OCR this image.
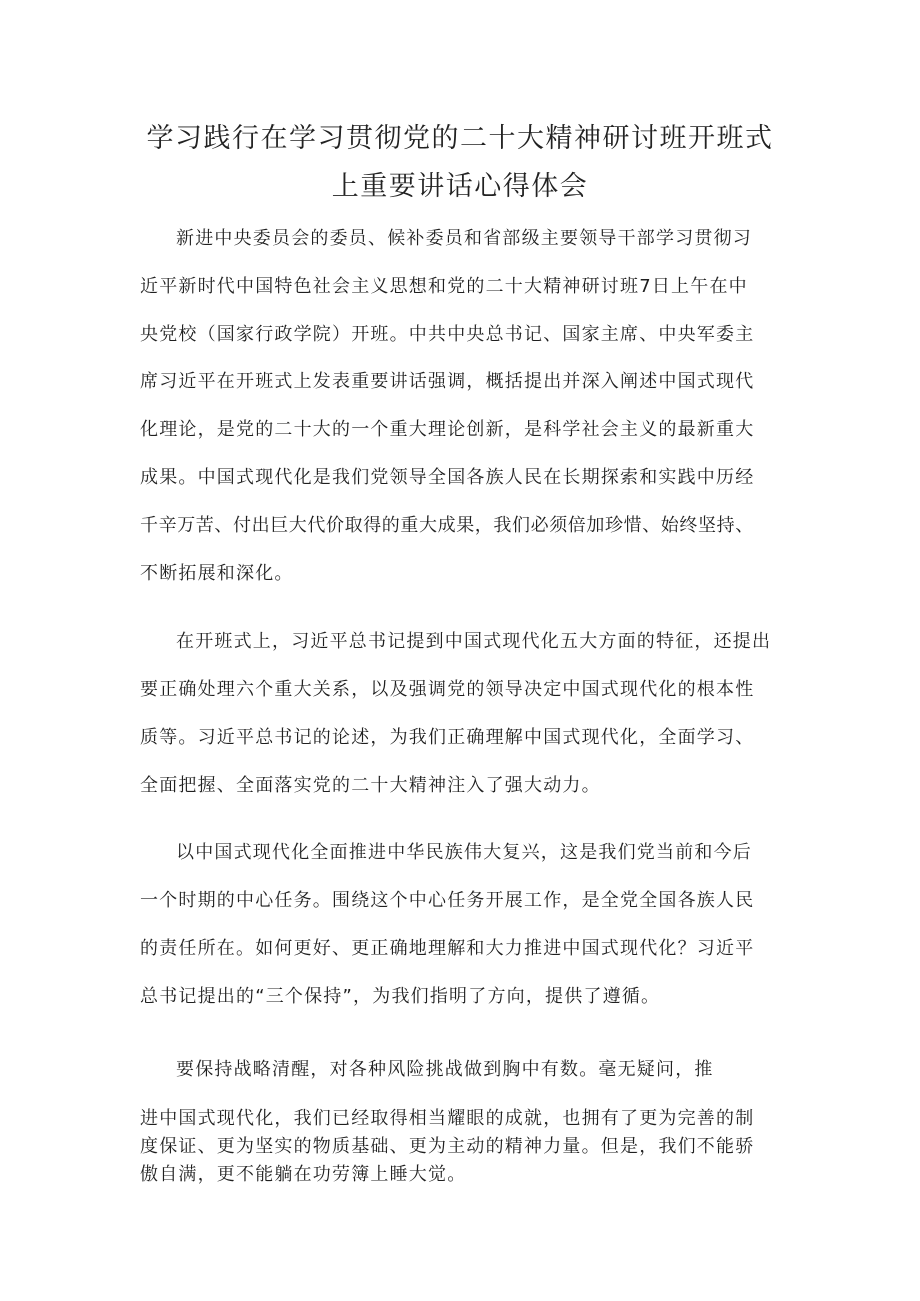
学习践行在学习贯彻党的二十大精神研讨班开班式
上重要讲话心得体会
新进中央委员会的委员、候补委员和省部级主要领导干部学习贯彻习
近平新时代中国特色社会主义思想和党的二十大精神研讨班7日上午在中
央党校（国家行政学院）开班。中共中央总书记、国家主席、中央军委主
席习近平在开班式上发表重要讲话强调，概括提出并深入阐述中国式现代
化理论，是党的二十大的一个重大理论创新，是科学社会主义的最新重大
成果。中国式现代化是我们党领导全国各族人民在长期探索和实践中历经
千辛万苦、付出巨大代价取得的重大成果，我们必须倍加珍惜、始终坚持、
不断拓展和深化。
在开班式上，习近平总书记提到中国式现代化五大方面的特征，还提出
要正确处理六个重大关系，以及强调党的领导决定中国式现代化的根本性
质等。习近平总书记的论述，为我们正确理解中国式现代化，全面学习、
全面把握、全面落实党的二十大精神注入了强大动力。
以中国式现代化全面推进中华民族伟大复兴，这是我们党当前和今后
一个时期的中心任务。围绕这个中心任务开展工作，是全党全国各族人民
的责任所在。如何更好、更正确地理解和大力推进中国式现代化？习近平
总书记提出的“三个保持”，为我们指明了方向，提供了遵循。
要保持战略清醒，对各种风险挑战做到胸中有数。毫无疑问，推
进中国式现代化，我们已经取得相当耀眼的成就，也拥有了更为完善的制
度保证、更为坚实的物质基础、更为主动的精神力量。但是，我们不能骄
傲自满，更不能躺在功劳簿上睡大觉。
